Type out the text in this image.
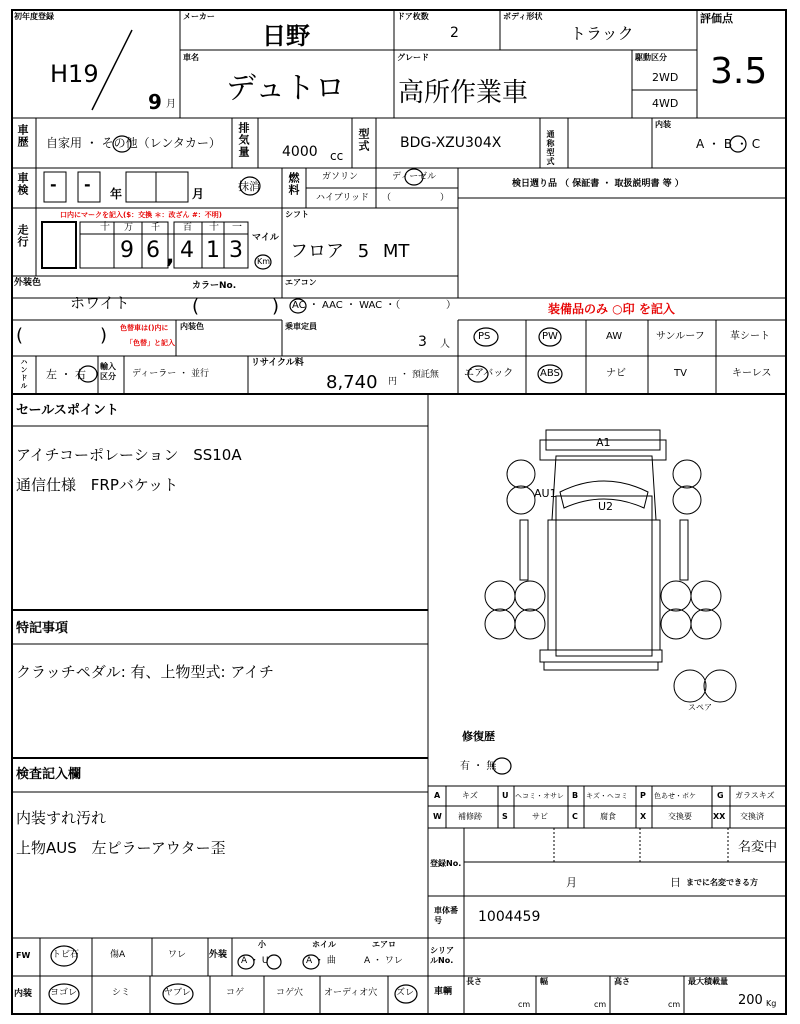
初年度登録
H19
9 月
メーカー
日野
ドア枚数
2
ボディ形状
トラック
評価点
3.5
車名
デュトロ
グレード
高所作業車
駆動区分
2WD
4WD
車歴 自家用 ・ その他（レンタカー） 排気量 4000 cc
型式 BDG-XZU304X	通称型式
内装
A ・ B ・ C
車検 - - 年	月
抹消 燃料 ガソリン	ディーゼル
ハイブリッド （	）
検日週り品 （ 保証書 ・ 取扱説明書 等 ）
走行
口内にマークを記入($：交換 ＊：改ざん #：不明)
十 万 千	百 十 一
9 6 , 4 1 3 マイル
Km
シフト
フロア 5 MT
外装色
ホワイト
カラーNo.
(	)
エアコン
AC ・ AAC ・ WAC ・（	）
(	) 色替車は()内に
「色替」と記入
内装色	乗車定員
3 人
ハンドル 左 ・ 右
輸入区分	ディーラー ・ 並行
リサイクル料
8,740 円
・ 預託無
装備品のみ ○印 を記入
PS	PW	AW	サンルーフ	革シート
エアバック	ABS	ナビ	TV	キーレス
セールスポイント
アイチコーポレーション SS10A
通信仕様 FRPバケット
特記事項
クラッチペダル: 有、上物型式: アイチ
検査記入欄
内装すれ汚れ
上物AUS 左ピラーアウター歪
A1
AU1
U2
スペア
修復歴
有 ・ 無
A	キズ	U ヘコミ・オサレ B キズ・ヘコミ P 色あせ・ボケ	G ガラスキズ
W 補修跡	S	サビ	C	腐食	X	交換要	XX 交換済
登録No.
名変中
月	日 までに名変できる方
車体番号	1004459
シリアルNo.
車輌
長さ
cm
幅
cm
高さ
cm
最大積載量
200 Kg
FW トビ石	傷A	ワレ	外装
小	ホイル	エアロ
A ・ U	A ・ 曲	A ・ ワレ
内装 ヨゴレ	シミ	ヤブレ	コゲ	コゲ穴 オーディオ穴 ズレ
